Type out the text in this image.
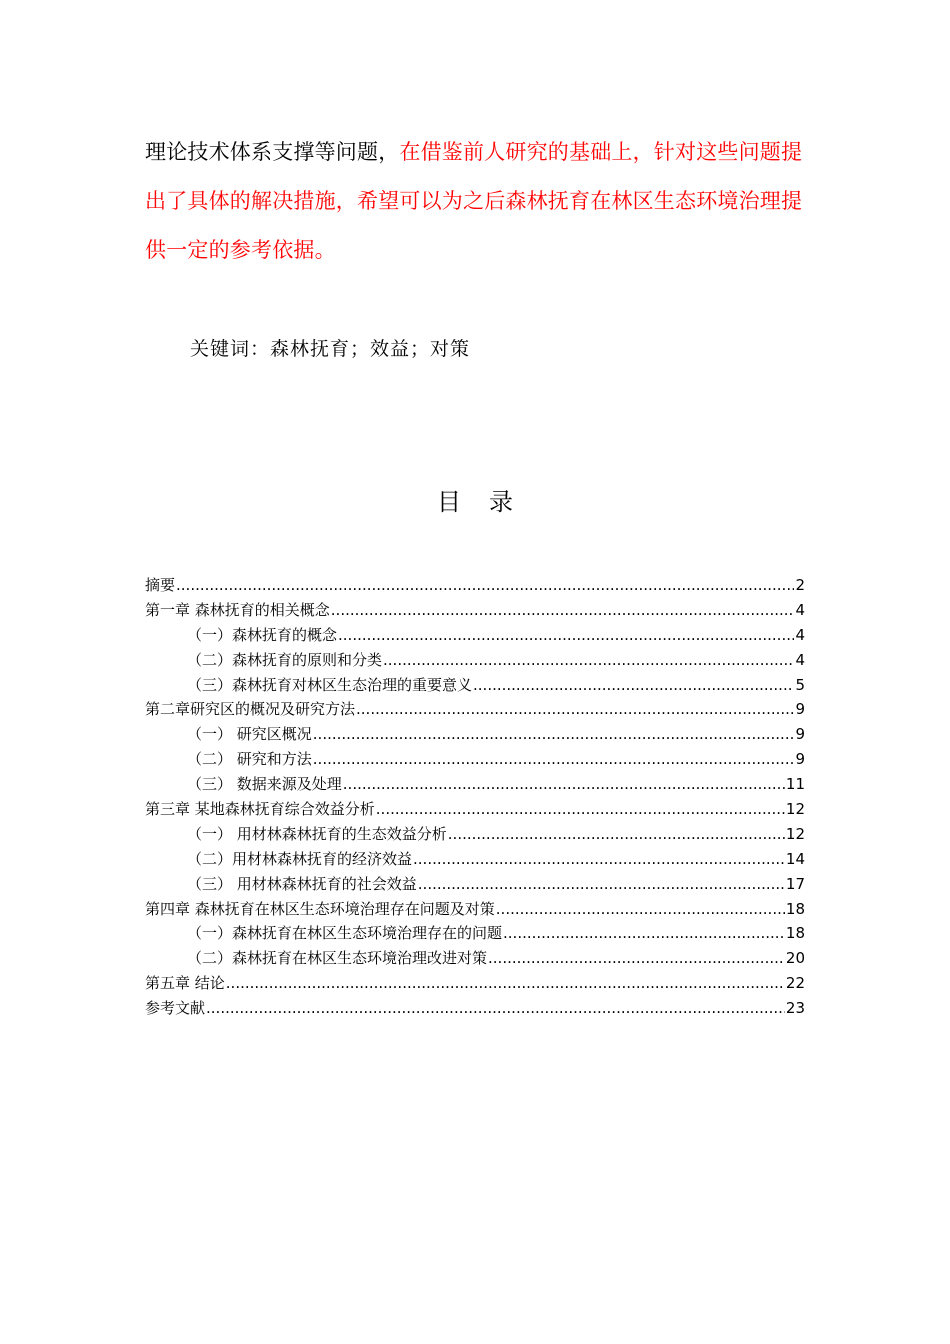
理论技术体系支撑等问题，在借鉴前人研究的基础上，针对这些问题提出了具体的解决措施，希望可以为之后森林抚育在林区生态环境治理提供一定的参考依据。

关键词：森林抚育；效益；对策
目录
摘要 .....	2
第一章 森林抚育的相关概念 .....	4
（一）森林抚育的概念 .....	4
（二）森林抚育的原则和分类 .....	4
（三）森林抚育对林区生态治理的重要意义 .....	5
第二章研究区的概况及研究方法 .....	9
（一） 研究区概况 .....	9
（二） 研究和方法 .....	9
（三） 数据来源及处理 .....	11
第三章 某地森林抚育综合效益分析 .....	12
（一） 用材林森林抚育的生态效益分析 .....	12
（二）用材林森林抚育的经济效益 .....	14
（三） 用材林森林抚育的社会效益 .....	17
第四章 森林抚育在林区生态环境治理存在问题及对策 .....	18
（一）森林抚育在林区生态环境治理存在的问题 .....	18
（二）森林抚育在林区生态环境治理改进对策 .....	20
第五章 结论 .....	22
参考文献 .....	23
